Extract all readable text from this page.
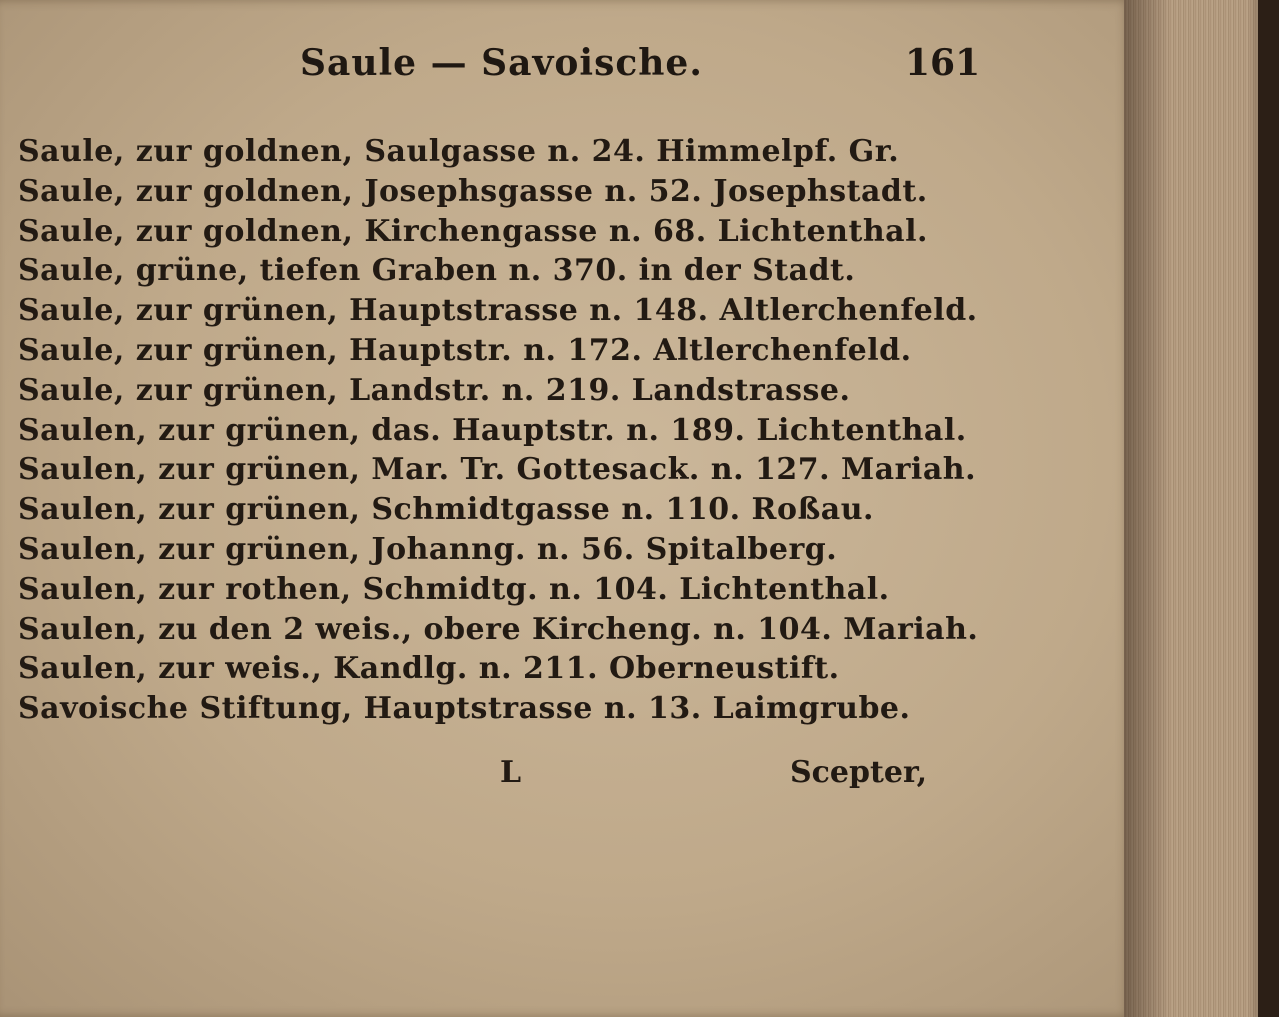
Saule — Savoische.	161
Saule, zur goldnen, Saulgasse n. 24. Himmelpf. Gr.
Saule, zur goldnen, Josephsgasse n. 52. Josephstadt.
Saule, zur goldnen, Kirchengasse n. 68. Lichtenthal.
Saule, grüne, tiefen Graben n. 370. in der Stadt.
Saule, zur grünen, Hauptstrasse n. 148. Altlerchenfeld.
Saule, zur grünen, Hauptstr. n. 172. Altlerchenfeld.
Saule, zur grünen, Landstr. n. 219. Landstrasse.
Saulen, zur grünen, das. Hauptstr. n. 189. Lichtenthal.
Saulen, zur grünen, Mar. Tr. Gottesack. n. 127. Mariah.
Saulen, zur grünen, Schmidtgasse n. 110. Roßau.
Saulen, zur grünen, Johanng. n. 56. Spitalberg.
Saulen, zur rothen, Schmidtg. n. 104. Lichtenthal.
Saulen, zu den 2 weis., obere Kircheng. n. 104. Mariah.
Saulen, zur weis., Kandlg. n. 211. Oberneustift.
Savoische Stiftung, Hauptstrasse n. 13. Laimgrube.
L	Scepter,
